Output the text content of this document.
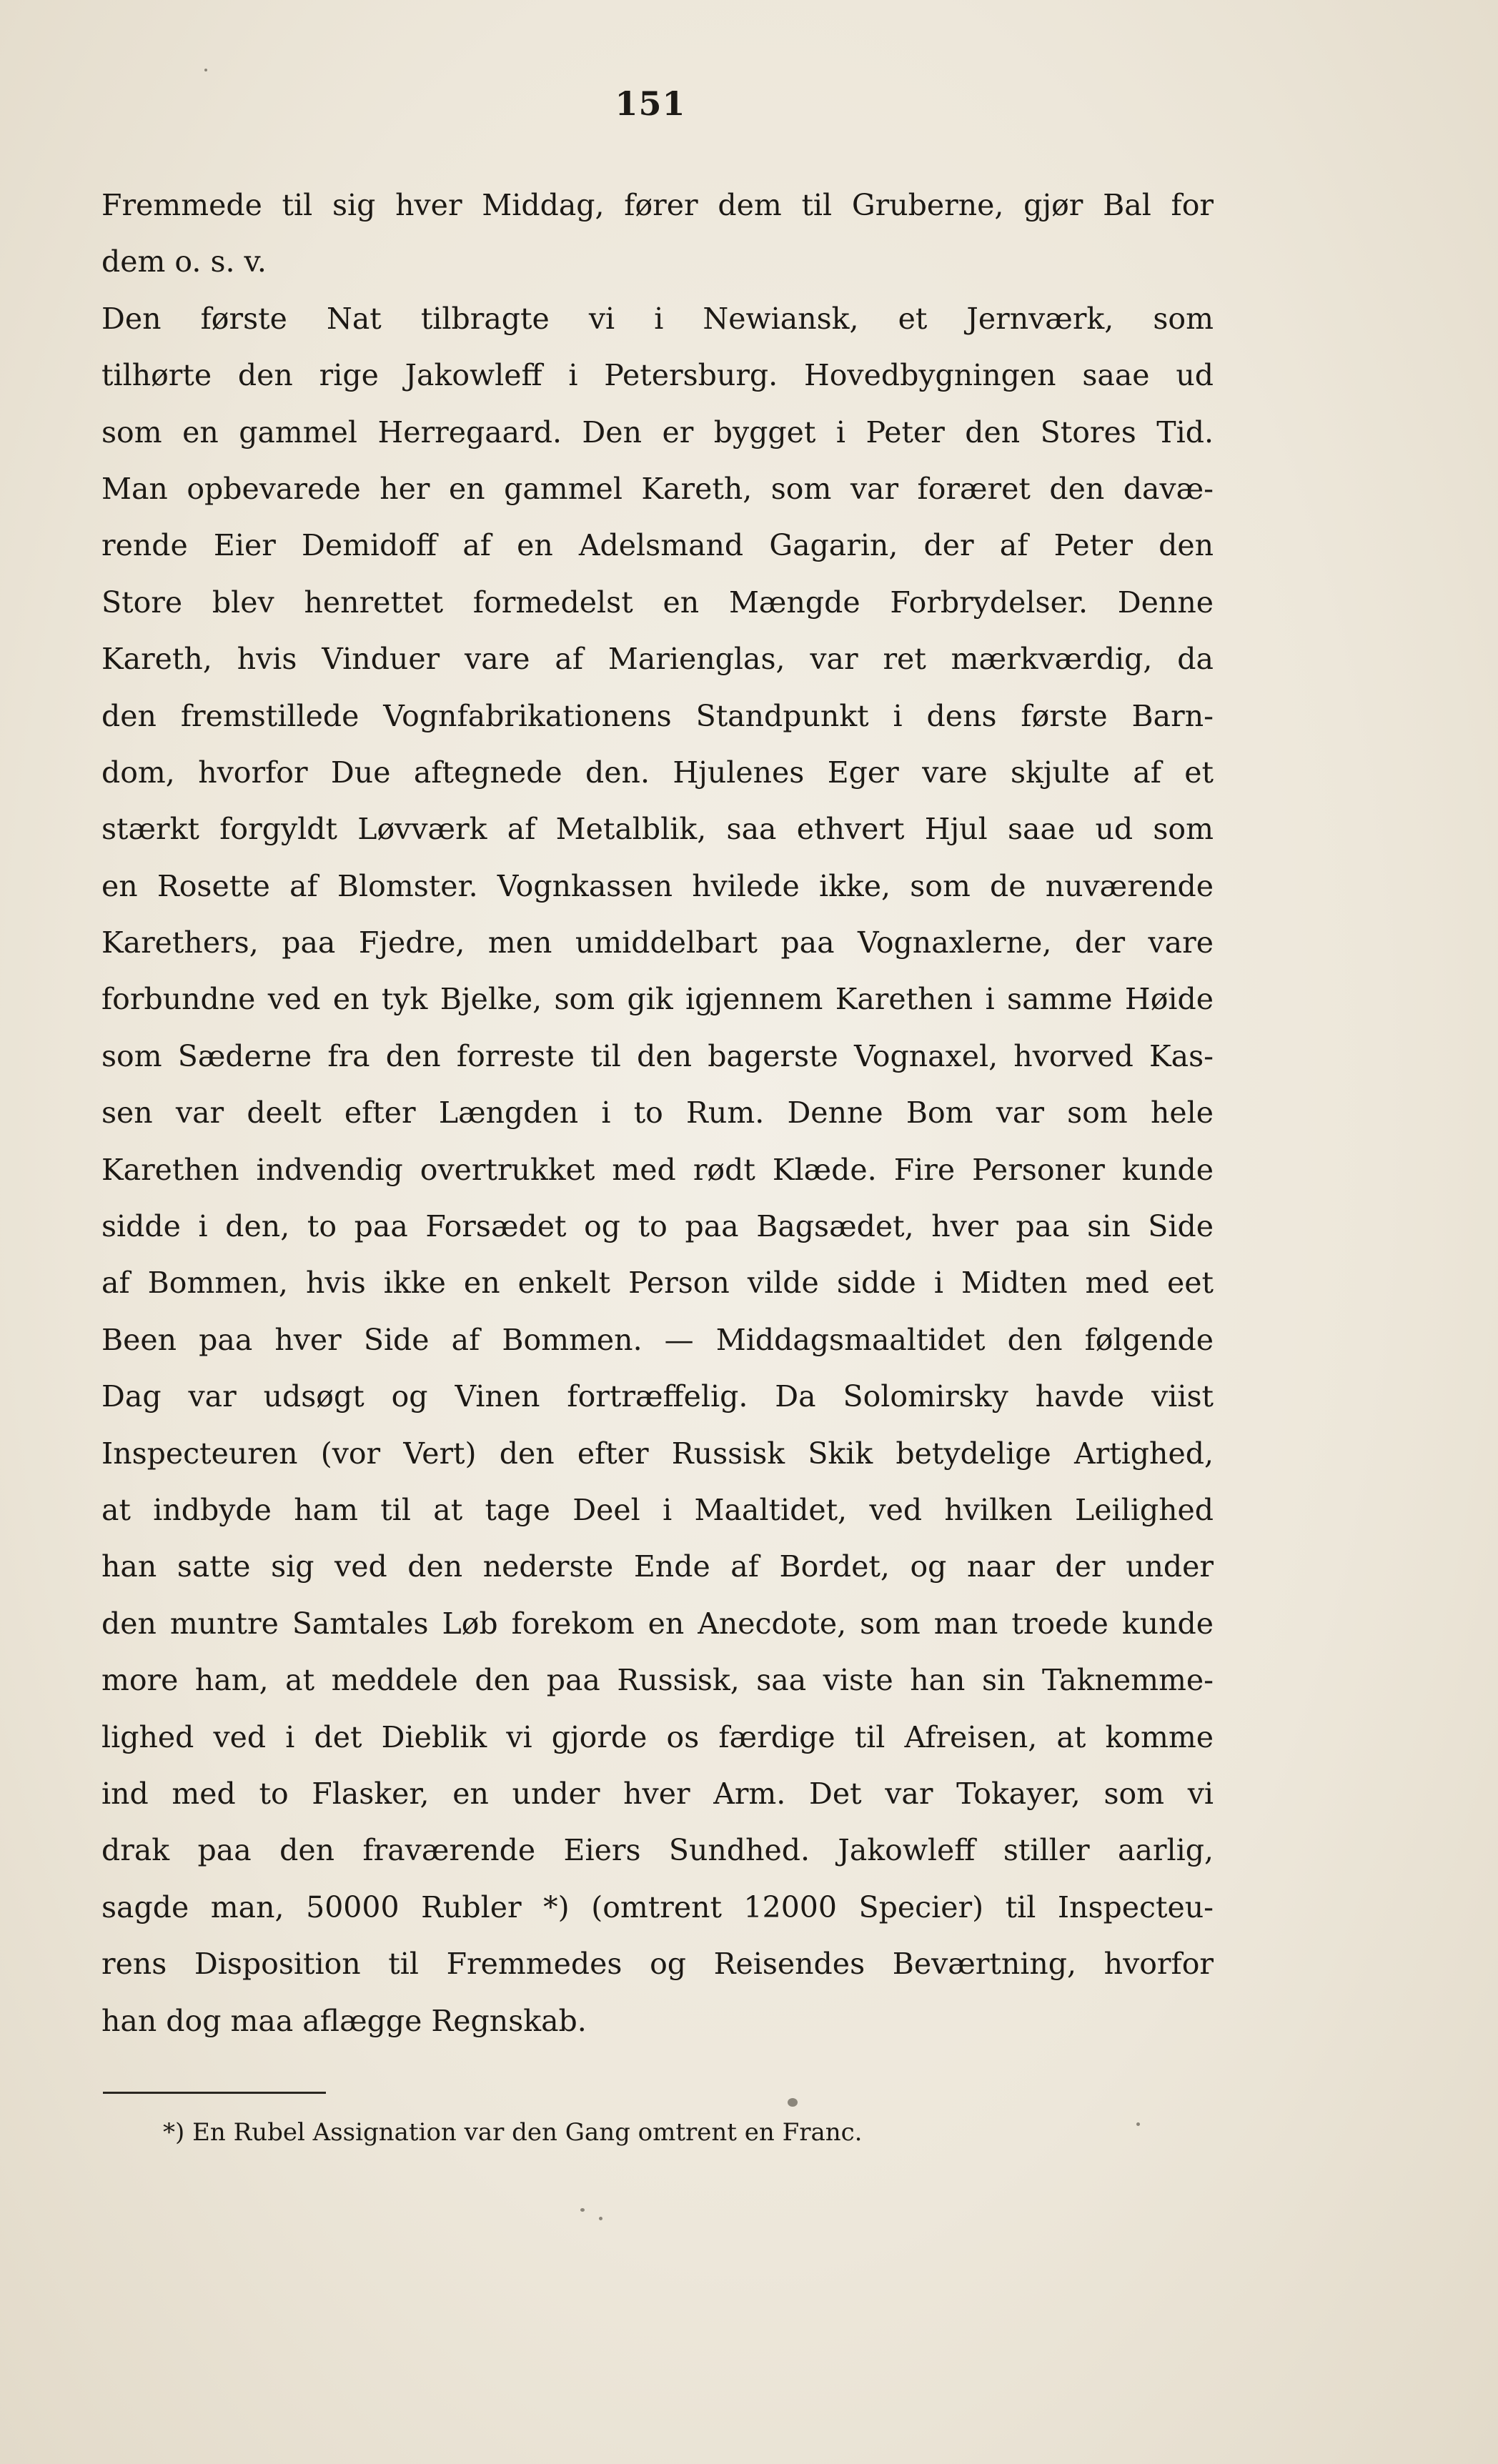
151
Fremmede til sig hver Middag, fører dem til Gruberne, gjør Bal for
dem o. s. v.
Den første Nat tilbragte vi i Newiansk, et Jernværk, som
tilhørte den rige Jakowleff i Petersburg. Hovedbygningen saae ud
som en gammel Herregaard. Den er bygget i Peter den Stores Tid.
Man opbevarede her en gammel Kareth, som var foræret den davæ-
rende Eier Demidoff af en Adelsmand Gagarin, der af Peter den
Store blev henrettet formedelst en Mængde Forbrydelser. Denne
Kareth, hvis Vinduer vare af Marienglas, var ret mærkværdig, da
den fremstillede Vognfabrikationens Standpunkt i dens første Barn-
dom, hvorfor Due aftegnede den. Hjulenes Eger vare skjulte af et
stærkt forgyldt Løvværk af Metalblik, saa ethvert Hjul saae ud som
en Rosette af Blomster. Vognkassen hvilede ikke, som de nuværende
Karethers, paa Fjedre, men umiddelbart paa Vognaxlerne, der vare
forbundne ved en tyk Bjelke, som gik igjennem Karethen i samme Høide
som Sæderne fra den forreste til den bagerste Vognaxel, hvorved Kas-
sen var deelt efter Længden i to Rum. Denne Bom var som hele
Karethen indvendig overtrukket med rødt Klæde. Fire Personer kunde
sidde i den, to paa Forsædet og to paa Bagsædet, hver paa sin Side
af Bommen, hvis ikke en enkelt Person vilde sidde i Midten med eet
Been paa hver Side af Bommen. — Middagsmaaltidet den følgende
Dag var udsøgt og Vinen fortræffelig. Da Solomirsky havde viist
Inspecteuren (vor Vert) den efter Russisk Skik betydelige Artighed,
at indbyde ham til at tage Deel i Maaltidet, ved hvilken Leilighed
han satte sig ved den nederste Ende af Bordet, og naar der under
den muntre Samtales Løb forekom en Anecdote, som man troede kunde
more ham, at meddele den paa Russisk, saa viste han sin Taknemme-
lighed ved i det Dieblik vi gjorde os færdige til Afreisen, at komme
ind med to Flasker, en under hver Arm. Det var Tokayer, som vi
drak paa den fraværende Eiers Sundhed. Jakowleff stiller aarlig,
sagde man, 50000 Rubler *) (omtrent 12000 Specier) til Inspecteu-
rens Disposition til Fremmedes og Reisendes Beværtning, hvorfor
han dog maa aflægge Regnskab.
*) En Rubel Assignation var den Gang omtrent en Franc.
